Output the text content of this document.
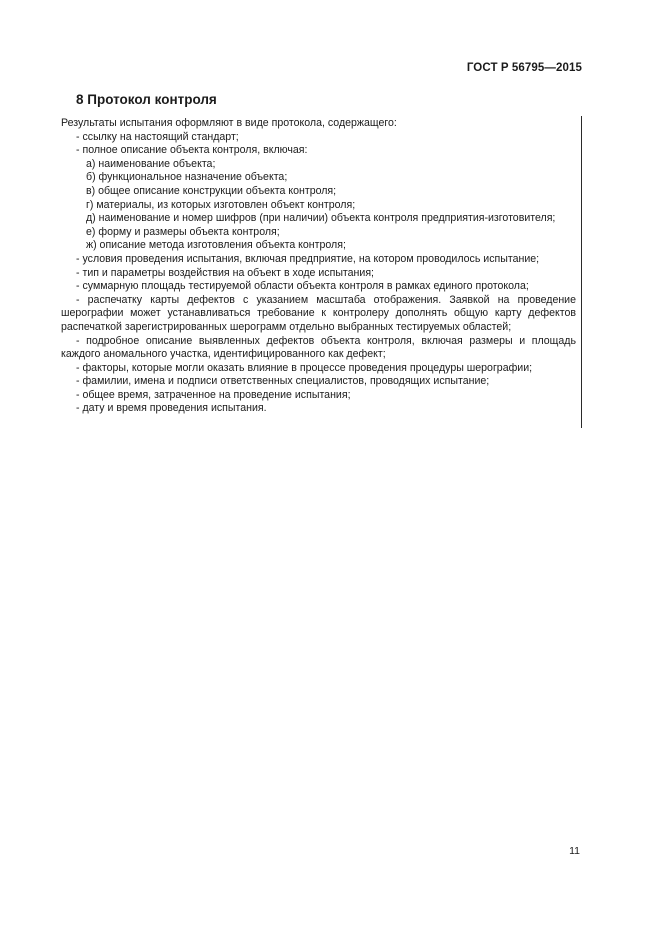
ГОСТ Р 56795—2015
8 Протокол контроля

Результаты испытания оформляют в виде протокола, содержащего:

- ссылку на настоящий стандарт;

- полное описание объекта контроля, включая:

а) наименование объекта;

б) функциональное назначение объекта;

в) общее описание конструкции объекта контроля;

г) материалы, из которых изготовлен объект контроля;

д) наименование и номер шифров (при наличии) объекта контроля предприятия-изготовителя;

е) форму и размеры объекта контроля;

ж) описание метода изготовления объекта контроля;

- условия проведения испытания, включая предприятие, на котором проводилось испытание;

- тип и параметры воздействия на объект в ходе испытания;

- суммарную площадь тестируемой области объекта контроля в рамках единого протокола;

- распечатку карты дефектов с указанием масштаба отображения. Заявкой на проведение шерографии может устанавливаться требование к контролеру дополнять общую карту дефектов распечаткой зарегистрированных шерограмм отдельно выбранных тестируемых областей;

- подробное описание выявленных дефектов объекта контроля, включая размеры и площадь каждого аномального участка, идентифицированного как дефект;

- факторы, которые могли оказать влияние в процессе проведения процедуры шерографии;

- фамилии, имена и подписи ответственных специалистов, проводящих испытание;

- общее время, затраченное на проведение испытания;

- дату и время проведения испытания.

11
